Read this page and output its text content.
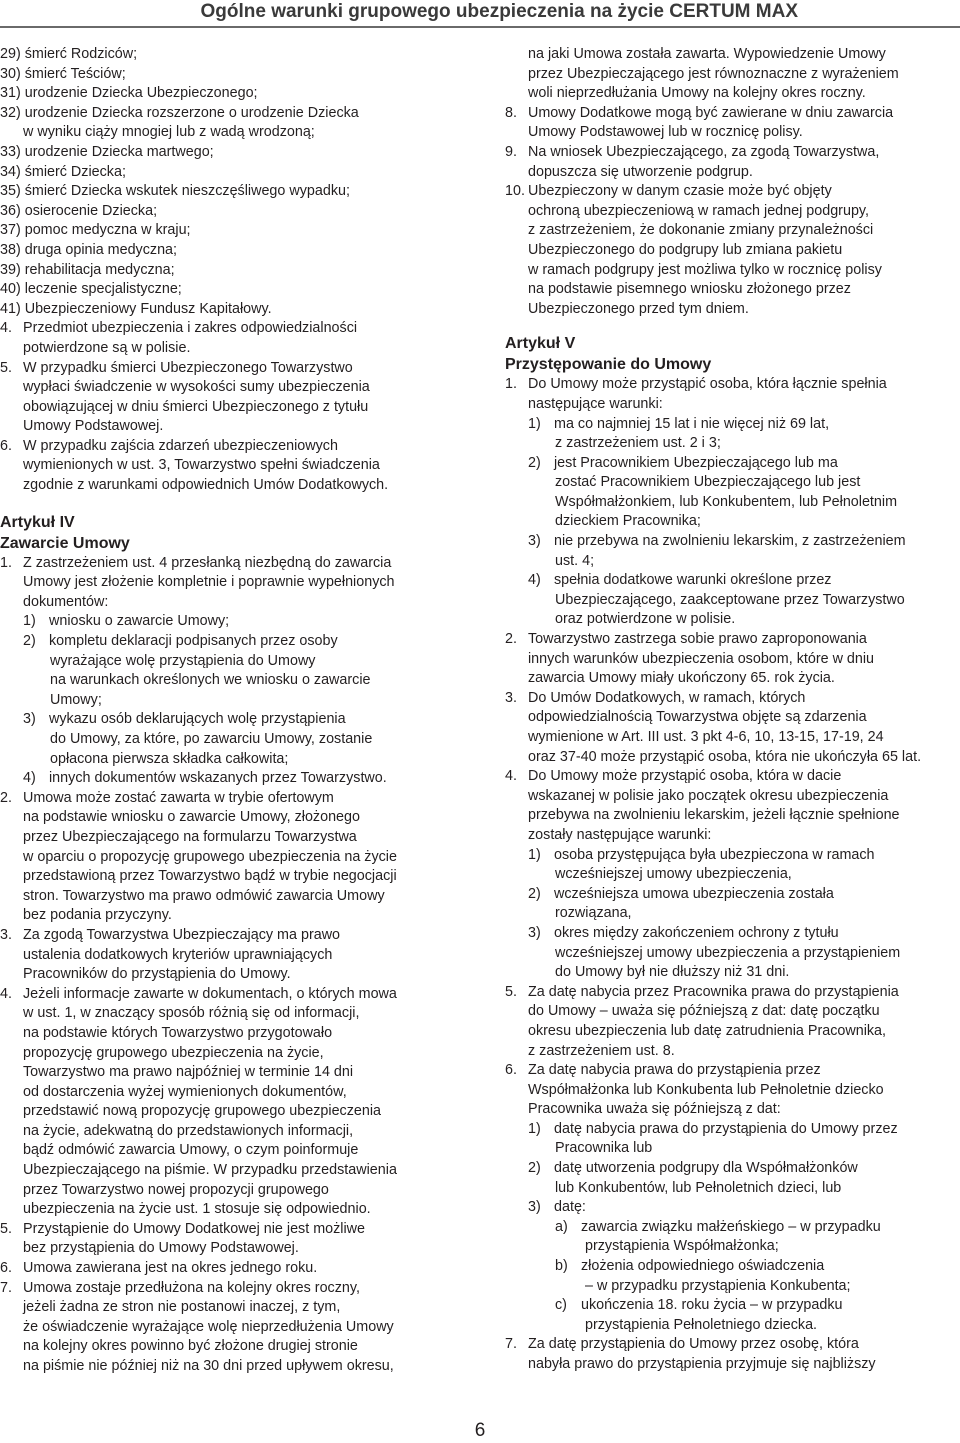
Ogólne warunki grupowego ubezpieczenia na życie CERTUM MAX
29) śmierć Rodziców;
30) śmierć Teściów;
31) urodzenie Dziecka Ubezpieczonego;
32) urodzenie Dziecka rozszerzone o urodzenie Dziecka
w wyniku ciąży mnogiej lub z wadą wrodzoną;
33) urodzenie Dziecka martwego;
34) śmierć Dziecka;
35) śmierć Dziecka wskutek nieszczęśliwego wypadku;
36) osierocenie Dziecka;
37) pomoc medyczna w kraju;
38) druga opinia medyczna;
39) rehabilitacja medyczna;
40) leczenie specjalistyczne;
41) Ubezpieczeniowy Fundusz Kapitałowy.
4. Przedmiot ubezpieczenia i zakres odpowiedzialności
potwierdzone są w polisie.
5. W przypadku śmierci Ubezpieczonego Towarzystwo
wypłaci świadczenie w wysokości sumy ubezpieczenia
obowiązującej w dniu śmierci Ubezpieczonego z tytułu
Umowy Podstawowej.
6. W przypadku zajścia zdarzeń ubezpieczeniowych
wymienionych w ust. 3, Towarzystwo spełni świadczenia
zgodnie z warunkami odpowiednich Umów Dodatkowych.
Artykuł IV
Zawarcie Umowy
1. Z zastrzeżeniem ust. 4 przesłanką niezbędną do zawarcia
Umowy jest złożenie kompletnie i poprawnie wypełnionych
dokumentów:
1) wniosku o zawarcie Umowy;
2) kompletu deklaracji podpisanych przez osoby
wyrażające wolę przystąpienia do Umowy
na warunkach określonych we wniosku o zawarcie
Umowy;
3) wykazu osób deklarujących wolę przystąpienia
do Umowy, za które, po zawarciu Umowy, zostanie
opłacona pierwsza składka całkowita;
4) innych dokumentów wskazanych przez Towarzystwo.
2. Umowa może zostać zawarta w trybie ofertowym
na podstawie wniosku o zawarcie Umowy, złożonego
przez Ubezpieczającego na formularzu Towarzystwa
w oparciu o propozycję grupowego ubezpieczenia na życie
przedstawioną przez Towarzystwo bądź w trybie negocjacji
stron. Towarzystwo ma prawo odmówić zawarcia Umowy
bez podania przyczyny.
3. Za zgodą Towarzystwa Ubezpieczający ma prawo
ustalenia dodatkowych kryteriów uprawniających
Pracowników do przystąpienia do Umowy.
4. Jeżeli informacje zawarte w dokumentach, o których mowa
w ust. 1, w znaczący sposób różnią się od informacji,
na podstawie których Towarzystwo przygotowało
propozycję grupowego ubezpieczenia na życie,
Towarzystwo ma prawo najpóźniej w terminie 14 dni
od dostarczenia wyżej wymienionych dokumentów,
przedstawić nową propozycję grupowego ubezpieczenia
na życie, adekwatną do przedstawionych informacji,
bądź odmówić zawarcia Umowy, o czym poinformuje
Ubezpieczającego na piśmie. W przypadku przedstawienia
przez Towarzystwo nowej propozycji grupowego
ubezpieczenia na życie ust. 1 stosuje się odpowiednio.
5. Przystąpienie do Umowy Dodatkowej nie jest możliwe
bez przystąpienia do Umowy Podstawowej.
6. Umowa zawierana jest na okres jednego roku.
7. Umowa zostaje przedłużona na kolejny okres roczny,
jeżeli żadna ze stron nie postanowi inaczej, z tym,
że oświadczenie wyrażające wolę nieprzedłużenia Umowy
na kolejny okres powinno być złożone drugiej stronie
na piśmie nie później niż na 30 dni przed upływem okresu,
na jaki Umowa została zawarta. Wypowiedzenie Umowy
przez Ubezpieczającego jest równoznaczne z wyrażeniem
woli nieprzedłużania Umowy na kolejny okres roczny.
8. Umowy Dodatkowe mogą być zawierane w dniu zawarcia
Umowy Podstawowej lub w rocznicę polisy.
9. Na wniosek Ubezpieczającego, za zgodą Towarzystwa,
dopuszcza się utworzenie podgrup.
10. Ubezpieczony w danym czasie może być objęty
ochroną ubezpieczeniową w ramach jednej podgrupy,
z zastrzeżeniem, że dokonanie zmiany przynależności
Ubezpieczonego do podgrupy lub zmiana pakietu
w ramach podgrupy jest możliwa tylko w rocznicę polisy
na podstawie pisemnego wniosku złożonego przez
Ubezpieczonego przed tym dniem.
Artykuł V
Przystępowanie do Umowy
1. Do Umowy może przystąpić osoba, która łącznie spełnia
następujące warunki:
1) ma co najmniej 15 lat i nie więcej niż 69 lat,
z zastrzeżeniem ust. 2 i 3;
2) jest Pracownikiem Ubezpieczającego lub ma
zostać Pracownikiem Ubezpieczającego lub jest
Współmałżonkiem, lub Konkubentem, lub Pełnoletnim
dzieckiem Pracownika;
3) nie przebywa na zwolnieniu lekarskim, z zastrzeżeniem
ust. 4;
4) spełnia dodatkowe warunki określone przez
Ubezpieczającego, zaakceptowane przez Towarzystwo
oraz potwierdzone w polisie.
2. Towarzystwo zastrzega sobie prawo zaproponowania
innych warunków ubezpieczenia osobom, które w dniu
zawarcia Umowy miały ukończony 65. rok życia.
3. Do Umów Dodatkowych, w ramach, których
odpowiedzialnością Towarzystwa objęte są zdarzenia
wymienione w Art. III ust. 3 pkt 4-6, 10, 13-15, 17-19, 24
oraz 37-40 może przystąpić osoba, która nie ukończyła 65 lat.
4. Do Umowy może przystąpić osoba, która w dacie
wskazanej w polisie jako początek okresu ubezpieczenia
przebywa na zwolnieniu lekarskim, jeżeli łącznie spełnione
zostały następujące warunki:
1) osoba przystępująca była ubezpieczona w ramach
wcześniejszej umowy ubezpieczenia,
2) wcześniejsza umowa ubezpieczenia została
rozwiązana,
3) okres między zakończeniem ochrony z tytułu
wcześniejszej umowy ubezpieczenia a przystąpieniem
do Umowy był nie dłuższy niż 31 dni.
5. Za datę nabycia przez Pracownika prawa do przystąpienia
do Umowy – uważa się późniejszą z dat: datę początku
okresu ubezpieczenia lub datę zatrudnienia Pracownika,
z zastrzeżeniem ust. 8.
6. Za datę nabycia prawa do przystąpienia przez
Współmałżonka lub Konkubenta lub Pełnoletnie dziecko
Pracownika uważa się późniejszą z dat:
1) datę nabycia prawa do przystąpienia do Umowy przez
Pracownika lub
2) datę utworzenia podgrupy dla Współmałżonków
lub Konkubentów, lub Pełnoletnich dzieci, lub
3) datę:
a) zawarcia związku małżeńskiego – w przypadku
przystąpienia Współmałżonka;
b) złożenia odpowiedniego oświadczenia
– w przypadku przystąpienia Konkubenta;
c) ukończenia 18. roku życia – w przypadku
przystąpienia Pełnoletniego dziecka.
7. Za datę przystąpienia do Umowy przez osobę, która
nabyła prawo do przystąpienia przyjmuje się najbliższy
6
